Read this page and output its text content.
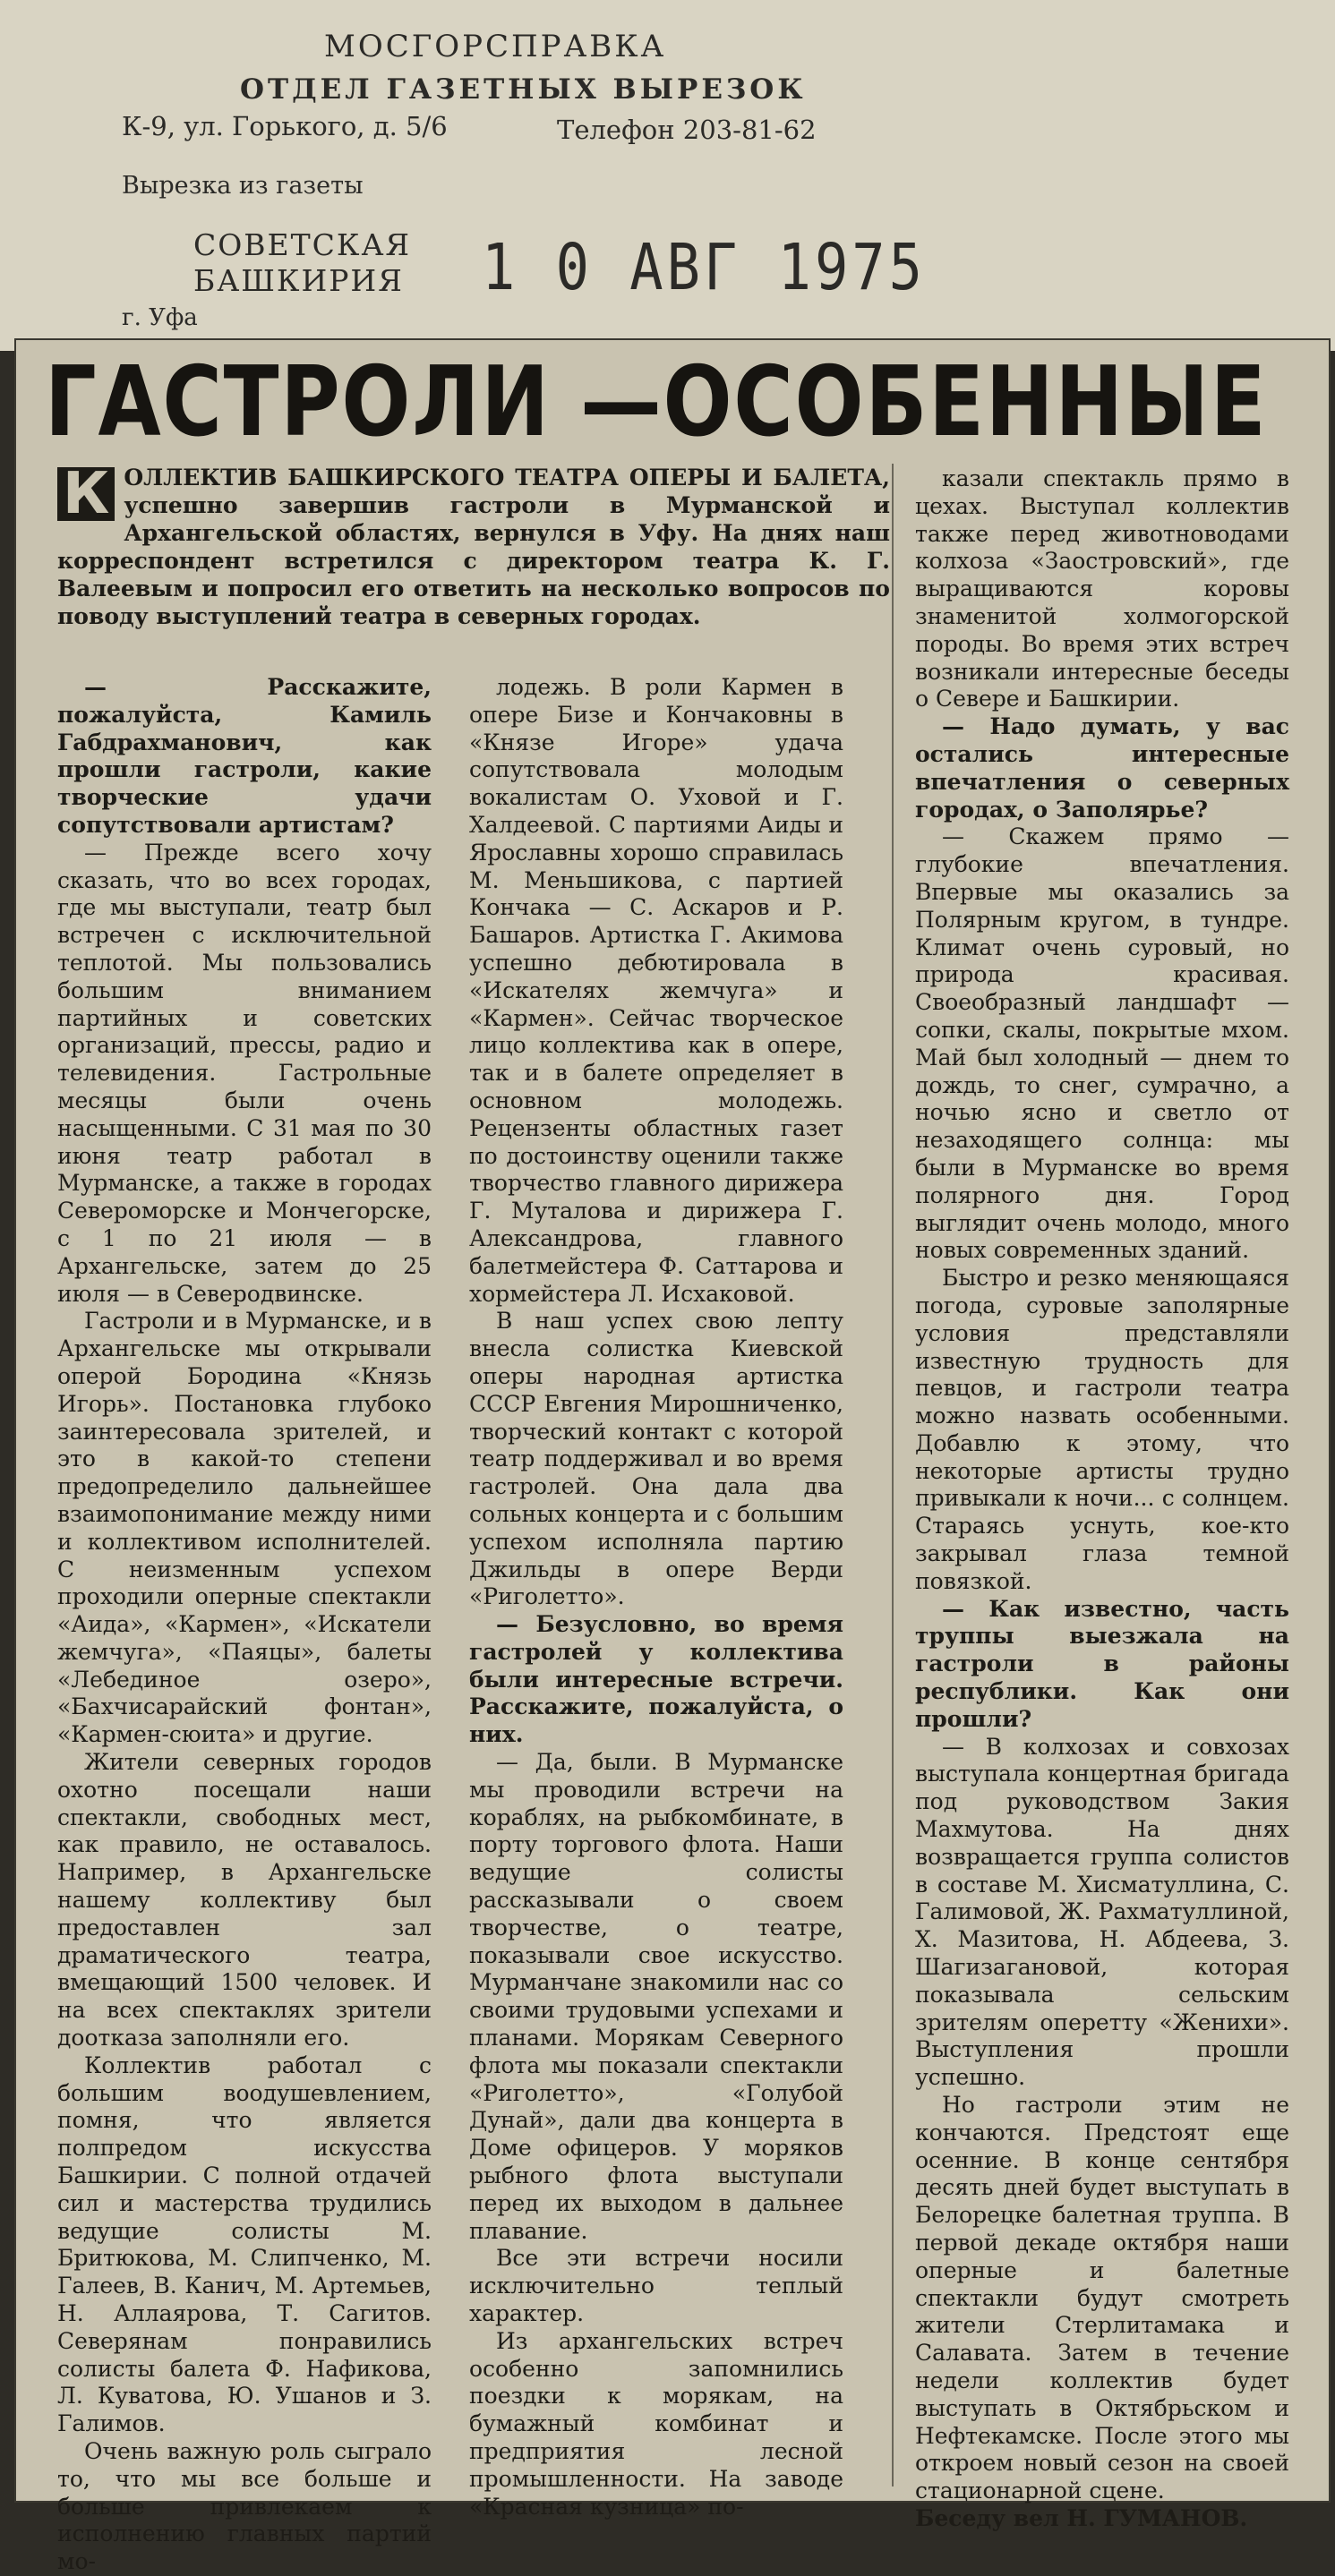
МОСГОРСПРАВКА
ОТДЕЛ ГАЗЕТНЫХ ВЫРЕЗОК
К-9, ул. Горького, д. 5/6	Телефон 203-81-62
Вырезка из газеты
СОВЕТСКАЯ
БАШКИРИЯ 1 0 АВГ 1975
г. Уфа
ГАСТРОЛИ —ОСОБЕННЫЕ
К ОЛЛЕКТИВ БАШКИРСКОГО ТЕАТРА ОПЕРЫ И БАЛЕТА, успешно завершив гастроли в Мурманской и Архангельской областях, вернулся в Уфу. На днях наш корреспондент встретился с директором театра К. Г. Валеевым и попросил его ответить на несколько вопросов по поводу выступлений театра в северных городах.

— Расскажите, пожалуйста, Камиль Габдрахманович, как прошли гастроли, какие творческие удачи сопутствовали артистам?

— Прежде всего хочу сказать, что во всех городах, где мы выступали, театр был встречен с исключительной теплотой. Мы пользовались большим вниманием партийных и советских организаций, прессы, радио и телевидения. Гастрольные месяцы были очень насыщенными. С 31 мая по 30 июня театр работал в Мурманске, а также в городах Североморске и Мончегорске, с 1 по 21 июля — в Архангельске, затем до 25 июля — в Северодвинске.

Гастроли и в Мурманске, и в Архангельске мы открывали оперой Бородина «Князь Игорь». Постановка глубоко заинтересовала зрителей, и это в какой-то степени предопределило дальнейшее взаимопонимание между ними и коллективом исполнителей. С неизменным успехом проходили оперные спектакли «Аида», «Кармен», «Искатели жемчуга», «Паяцы», балеты «Лебединое озеро», «Бахчисарайский фонтан», «Кармен-сюита» и другие.

Жители северных городов охотно посещали наши спектакли, свободных мест, как правило, не оставалось. Например, в Архангельске нашему коллективу был предоставлен зал драматического театра, вмещающий 1500 человек. И на всех спектаклях зрители доотказа заполняли его.

Коллектив работал с большим воодушевлением, помня, что является полпредом искусства Башкирии. С полной отдачей сил и мастерства трудились ведущие солисты М. Бритюкова, М. Слипченко, М. Галеев, В. Канич, М. Артемьев, Н. Аллаярова, Т. Сагитов. Северянам понравились солисты балета Ф. Нафикова, Л. Куватова, Ю. Ушанов и З. Галимов.

Очень важную роль сыграло то, что мы все больше и больше привлекаем к исполнению главных партий мо-

лодежь. В роли Кармен в опере Бизе и Кончаковны в «Князе Игоре» удача сопутствовала молодым вокалистам О. Уховой и Г. Халдеевой. С партиями Аиды и Ярославны хорошо справилась М. Меньшикова, с партией Кончака — С. Аскаров и Р. Башаров. Артистка Г. Акимова успешно дебютировала в «Искателях жемчуга» и «Кармен». Сейчас творческое лицо коллектива как в опере, так и в балете определяет в основном молодежь. Рецензенты областных газет по достоинству оценили также творчество главного дирижера Г. Муталова и дирижера Г. Александрова, главного балетмейстера Ф. Саттарова и хормейстера Л. Исхаковой.

В наш успех свою лепту внесла солистка Киевской оперы народная артистка СССР Евгения Мирошниченко, творческий контакт с которой театр поддерживал и во время гастролей. Она дала два сольных концерта и с большим успехом исполняла партию Джильды в опере Верди «Риголетто».

— Безусловно, во время гастролей у коллектива были интересные встречи. Расскажите, пожалуйста, о них.

— Да, были. В Мурманске мы проводили встречи на кораблях, на рыбкомбинате, в порту торгового флота. Наши ведущие солисты рассказывали о своем творчестве, о театре, показывали свое искусство. Мурманчане знакомили нас со своими трудовыми успехами и планами. Морякам Северного флота мы показали спектакли «Риголетто», «Голубой Дунай», дали два концерта в Доме офицеров. У моряков рыбного флота выступали перед их выходом в дальнее плавание.

Все эти встречи носили исключительно теплый характер.

Из архангельских встреч особенно запомнились поездки к морякам, на бумажный комбинат и предприятия лесной промышленности. На заводе «Красная кузница» по-

казали спектакль прямо в цехах. Выступал коллектив также перед животноводами колхоза «Заостровский», где выращиваются коровы знаменитой холмогорской породы. Во время этих встреч возникали интересные беседы о Севере и Башкирии.

— Надо думать, у вас остались интересные впечатления о северных городах, о Заполярье?

— Скажем прямо — глубокие впечатления. Впервые мы оказались за Полярным кругом, в тундре. Климат очень суровый, но природа красивая. Своеобразный ландшафт — сопки, скалы, покрытые мхом. Май был холодный — днем то дождь, то снег, сумрачно, а ночью ясно и светло от незаходящего солнца: мы были в Мурманске во время полярного дня. Город выглядит очень молодо, много новых современных зданий.

Быстро и резко меняющаяся погода, суровые заполярные условия представляли известную трудность для певцов, и гастроли театра можно назвать особенными. Добавлю к этому, что некоторые артисты трудно привыкали к ночи... с солнцем. Стараясь уснуть, кое-кто закрывал глаза темной повязкой.

— Как известно, часть труппы выезжала на гастроли в районы республики. Как они прошли?

— В колхозах и совхозах выступала концертная бригада под руководством Закия Махмутова. На днях возвращается группа солистов в составе М. Хисматуллина, С. Галимовой, Ж. Рахматуллиной, Х. Мазитова, Н. Абдеева, З. Шагизагановой, которая показывала сельским зрителям оперетту «Женихи». Выступления прошли успешно.

Но гастроли этим не кончаются. Предстоят еще осенние. В конце сентября десять дней будет выступать в Белорецке балетная труппа. В первой декаде октября наши оперные и балетные спектакли будут смотреть жители Стерлитамака и Салавата. Затем в течение недели коллектив будет выступать в Октябрьском и Нефтекамске. После этого мы откроем новый сезон на своей стационарной сцене.

Беседу вел Н. ГУМАНОВ.
